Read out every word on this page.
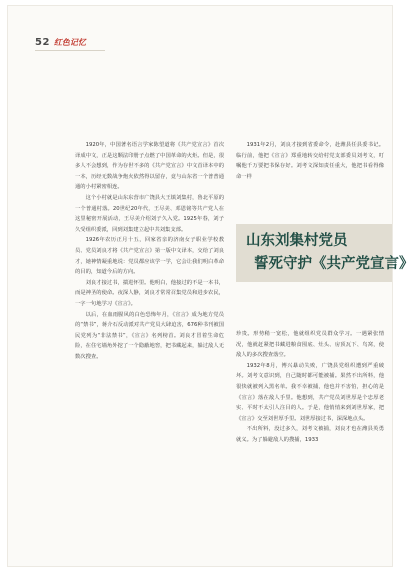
52 红色记忆

1920年，中国著名语言学家陈望道将《共产党宣言》首次译成中文，正是这颗法印册子点燃了中国革命的火炬。但是，很多人不会想到，作为存世不多的《共产党宣言》中文首译本中的一本，历经无数战争炮火依然得以留存，竟与山东省一个普普通通的小村紧密相连。

这个小村就是山东东营市广饶县大王镇刘集村，鲁北平原的一个普通村落。20世纪20年代，王尽美、邓恩铭等共产党人在这里秘密开展活动，王尽美介绍刘子久入党。1925年春，刘子久受组织委派，回到刘集建立起中共刘集支部。

1926年农历正月十五，回家省亲的济南女子职业学校教员、党员刘良才将《共产党宣言》第一版中文译本，交给了刘良才，她神情凝重地说：党员都应该学一学，它会让我们明白革命的目的，知道今后的方向。

刘良才接过书，揣进怀里。他明白，他接过的不是一本书，而是神圣的使命。夜深人静，刘良才常常召集党员和进步农民，一字一句地学习《宣言》。

以后，在血雨腥风的白色恐怖年月，《宣言》成为地方党员的“禁书”，蒋介石反动派对共产党员大肆迫害，676种书刊被国民党列为“非法禁书”，《宣言》名列榜首。刘良才冒着生命危险，在住宅墙角外挖了一个隐蔽地窖，把书藏起来，躲过敌人无数次搜查。

1931年2月，刘良才接到省委命令，赴潍县任县委书记。临行前，他把《宣言》郑重地转交给村党支部委员刘考文，叮嘱他千万要把书保存好。刘考文深知责任重大，他把书看得像命一样

山东刘集村党员
誓死守护《共产党宣言》

珍贵。形势稍一宽松，他就组织党员群众学习。一遇紧张情况，他就赶紧把书藏进粮食囤底、灶头、房顶瓦下、鸟窝，使敌人的多次搜查落空。

1932年8月，博兴暴动失败，广饶县党组织遭到严重破坏。刘考文意识到，自己随时都可能被捕。果然不出所料，他很快就被列入黑名单。我不幸被捕，他也并不害怕，担心的是《宣言》落在敌人手里。他想到，共产党员刘世厚是个忠厚老实、平时不太引人注目的人。于是，他悄悄来到刘世厚家，把《宣言》交至刘世厚手里。刘世厚接过书，深深地点头。

不出所料，没过多久，刘考文被捕，刘良才也在潍县英勇就义。为了躲避敌人的搜捕，1933
